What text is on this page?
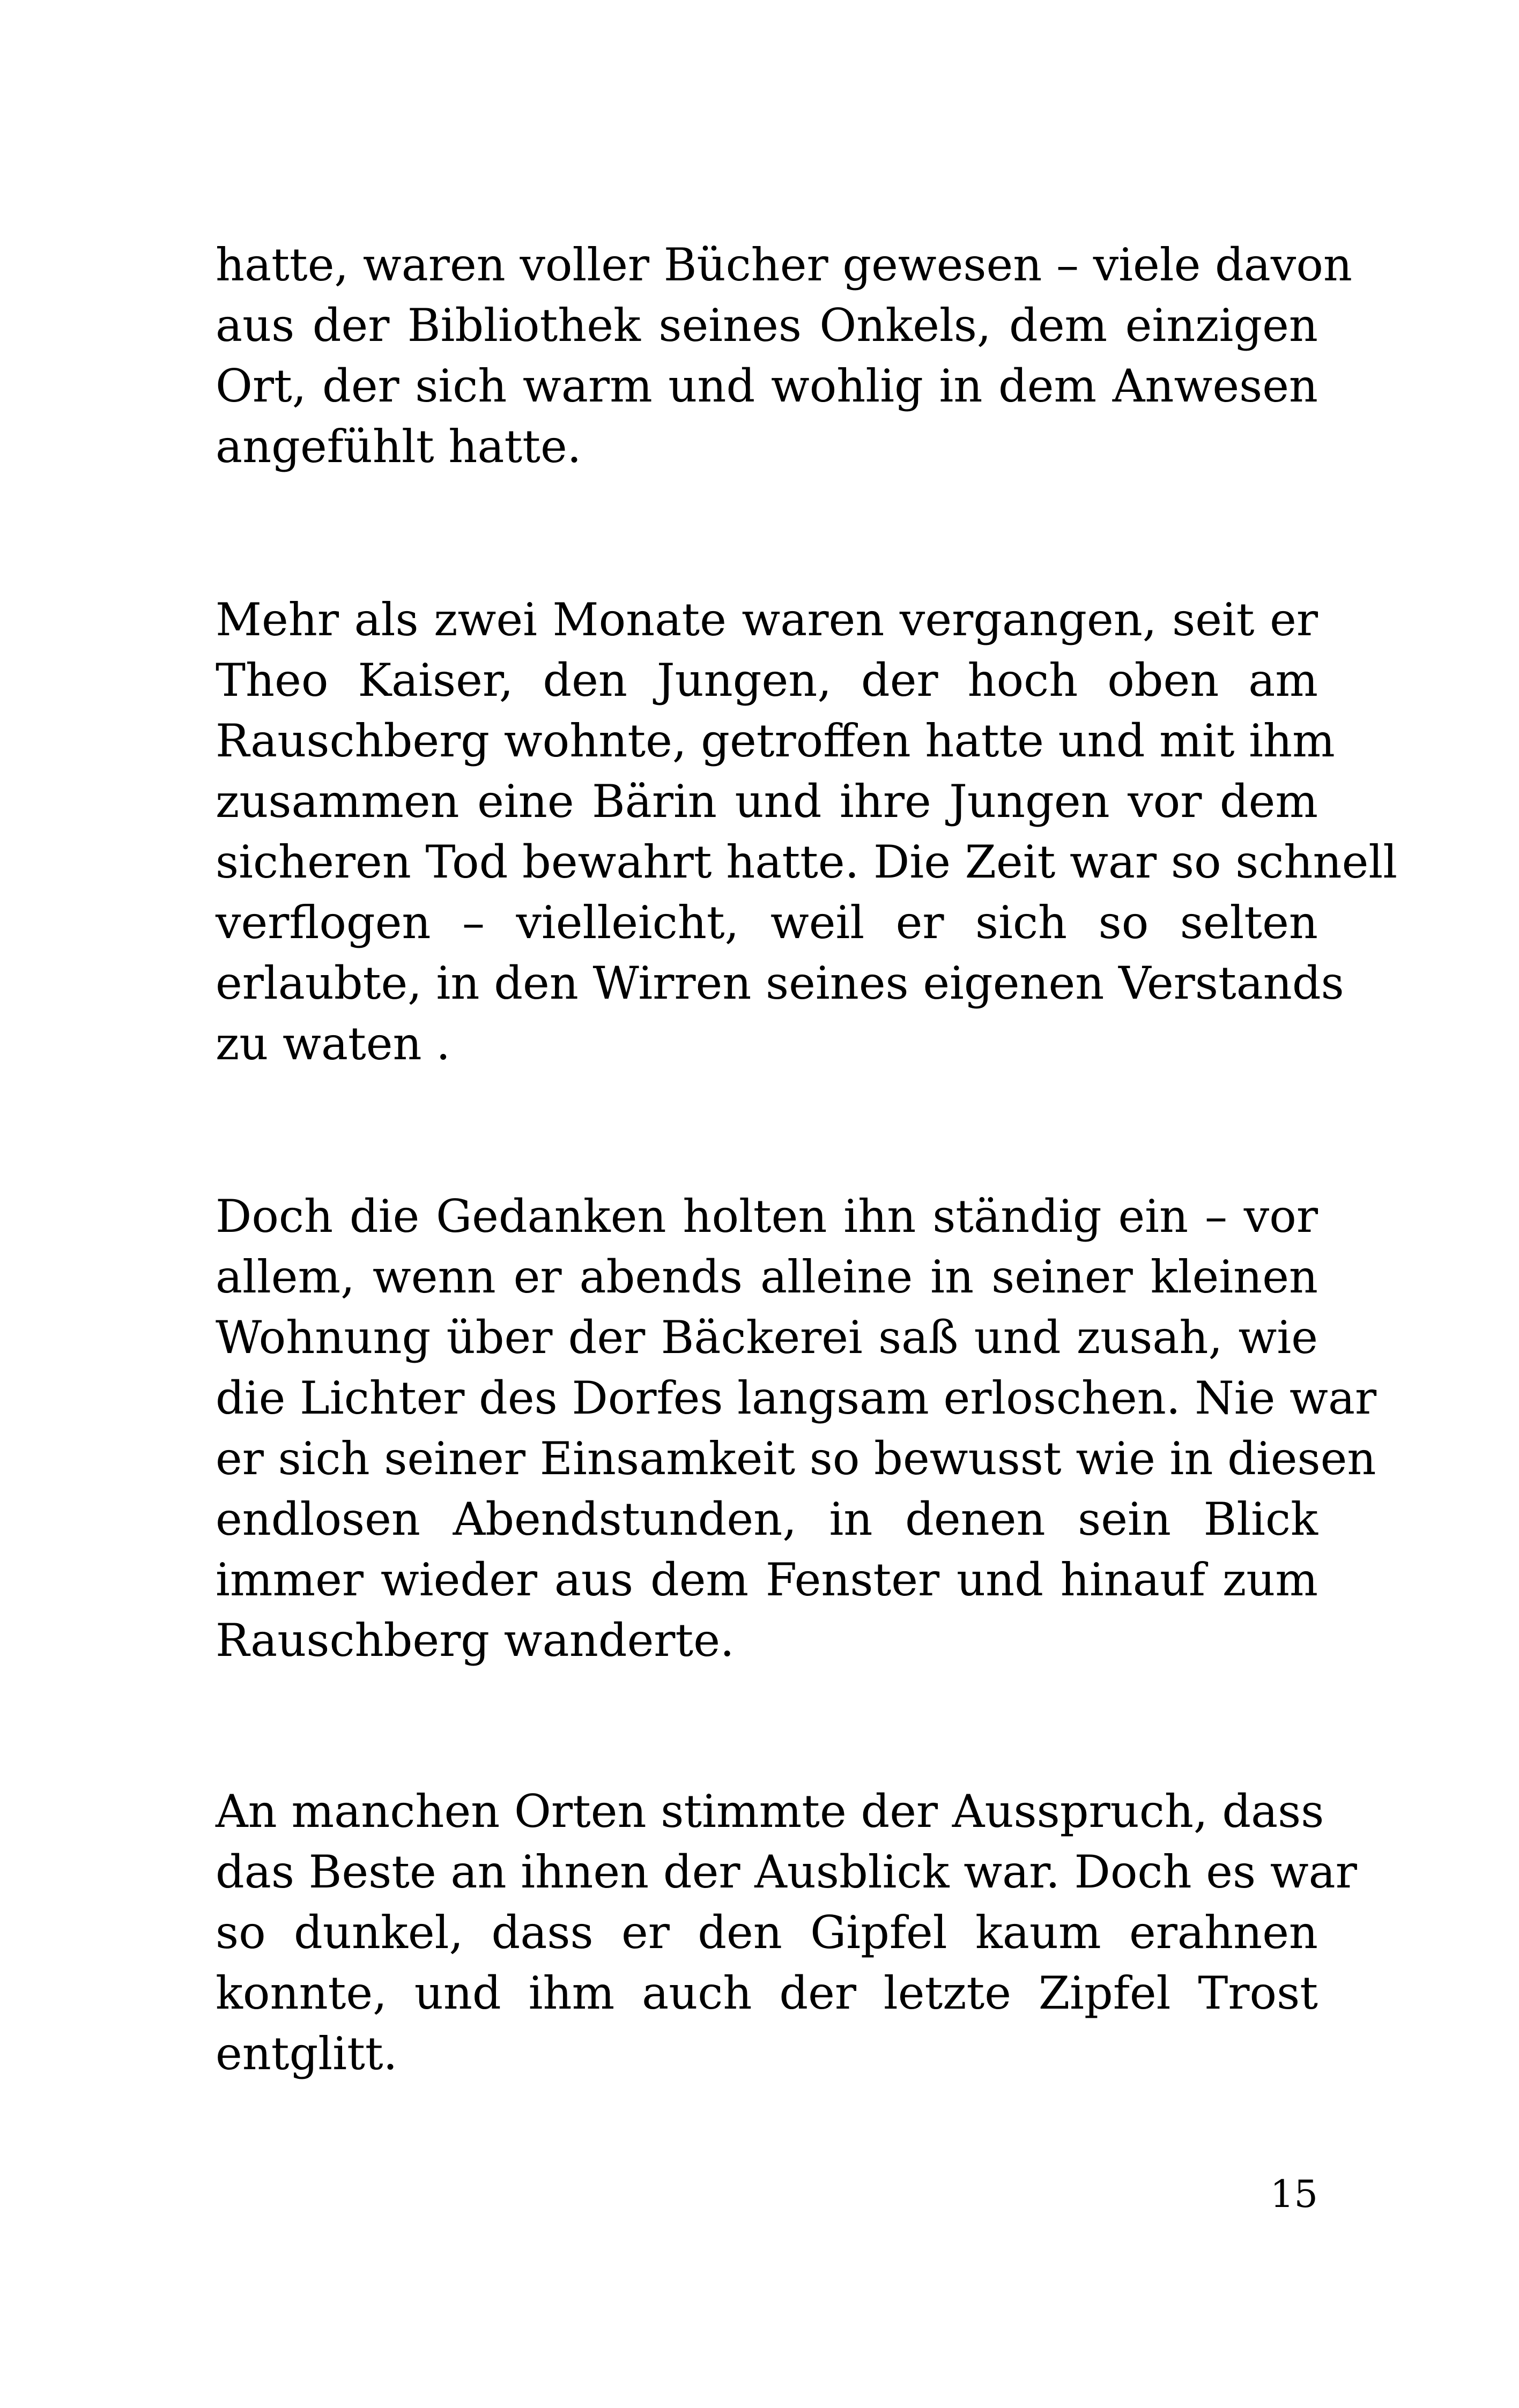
hatte, waren voller Bücher gewesen – viele davon
aus der Bibliothek seines Onkels, dem einzigen
Ort, der sich warm und wohlig in dem Anwesen
angefühlt hatte.
Mehr als zwei Monate waren vergangen, seit er
Theo Kaiser, den Jungen, der hoch oben am
Rauschberg wohnte, getroffen hatte und mit ihm
zusammen eine Bärin und ihre Jungen vor dem
sicheren Tod bewahrt hatte. Die Zeit war so schnell
verflogen – vielleicht, weil er sich so selten
erlaubte, in den Wirren seines eigenen Verstands
zu waten .
Doch die Gedanken holten ihn ständig ein – vor
allem, wenn er abends alleine in seiner kleinen
Wohnung über der Bäckerei saß und zusah, wie
die Lichter des Dorfes langsam erloschen. Nie war
er sich seiner Einsamkeit so bewusst wie in diesen
endlosen Abendstunden, in denen sein Blick
immer wieder aus dem Fenster und hinauf zum
Rauschberg wanderte.
An manchen Orten stimmte der Ausspruch, dass
das Beste an ihnen der Ausblick war. Doch es war
so dunkel, dass er den Gipfel kaum erahnen
konnte, und ihm auch der letzte Zipfel Trost
entglitt.
15
